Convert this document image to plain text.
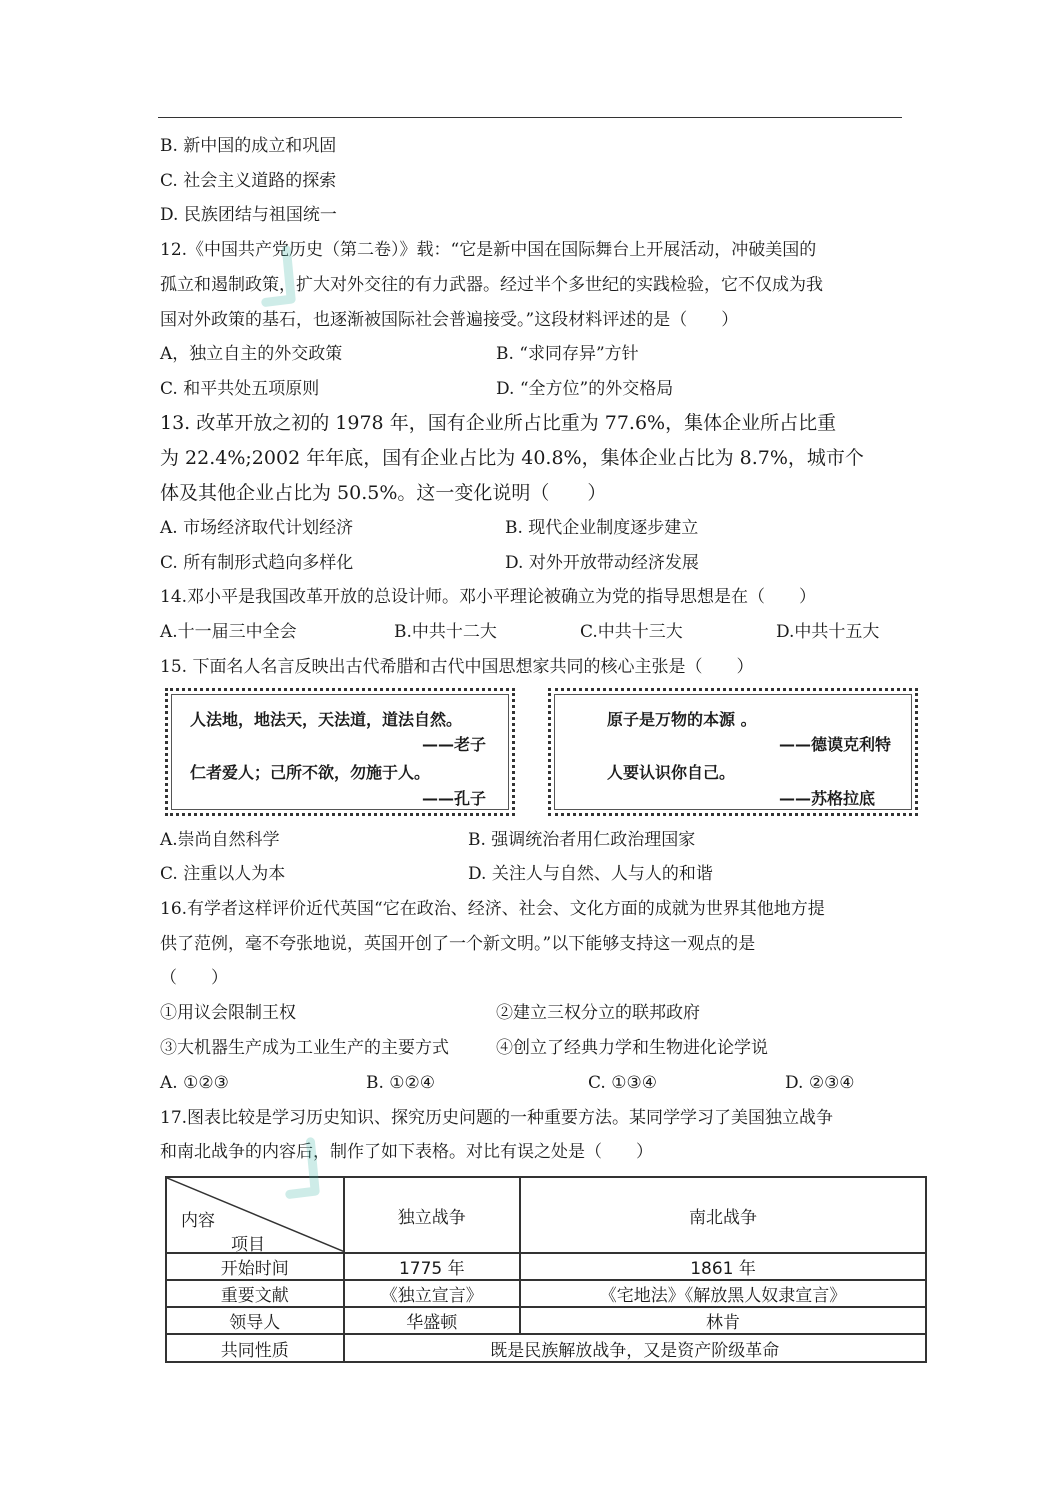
B. 新中国的成立和巩固
C. 社会主义道路的探索
D. 民族团结与祖国统一
12.《中国共产党历史（第二卷）》载：“它是新中国在国际舞台上开展活动，冲破美国的
孤立和遏制政策，扩大对外交往的有力武器。经过半个多世纪的实践检验，它不仅成为我
国对外政策的基石，也逐渐被国际社会普遍接受。”这段材料评述的是（　　）
A，独立自主的外交政策	B. “求同存异”方针
C. 和平共处五项原则	D. “全方位”的外交格局
13. 改革开放之初的 1978 年，国有企业所占比重为 77.6%，集体企业所占比重
为 22.4%;2002 年年底，国有企业占比为 40.8%，集体企业占比为 8.7%，城市个
体及其他企业占比为 50.5%。这一变化说明（　　）
A. 市场经济取代计划经济	B. 现代企业制度逐步建立
C. 所有制形式趋向多样化	D. 对外开放带动经济发展
14.邓小平是我国改革开放的总设计师。邓小平理论被确立为党的指导思想是在（　　）
A.十一届三中全会	B.中共十二大	C.中共十三大	D.中共十五大
15. 下面名人名言反映出古代希腊和古代中国思想家共同的核心主张是（　　）
人法地，地法天，天法道，道法自然。
——老子
仁者爱人；己所不欲，勿施于人。
——孔子
原子是万物的本源 。
——德谟克利特
人要认识你自己。
——苏格拉底
A.崇尚自然科学	B. 强调统治者用仁政治理国家
C. 注重以人为本	D. 关注人与自然、人与人的和谐
16.有学者这样评价近代英国“它在政治、经济、社会、文化方面的成就为世界其他地方提
供了范例，毫不夸张地说，英国开创了一个新文明。”以下能够支持这一观点的是
（　　）
①用议会限制王权	②建立三权分立的联邦政府
③大机器生产成为工业生产的主要方式	④创立了经典力学和生物进化论学说
A. ①②③	B. ①②④	C. ①③④	D. ②③④
17.图表比较是学习历史知识、探究历史问题的一种重要方法。某同学学习了美国独立战争
和南北战争的内容后，制作了如下表格。对比有误之处是（　　）
内容
项目	独立战争	南北战争
开始时间	1775 年	1861 年
重要文献	《独立宣言》	《宅地法》《解放黑人奴隶宣言》
领导人	华盛顿	林肯
共同性质	既是民族解放战争，又是资产阶级革命	
